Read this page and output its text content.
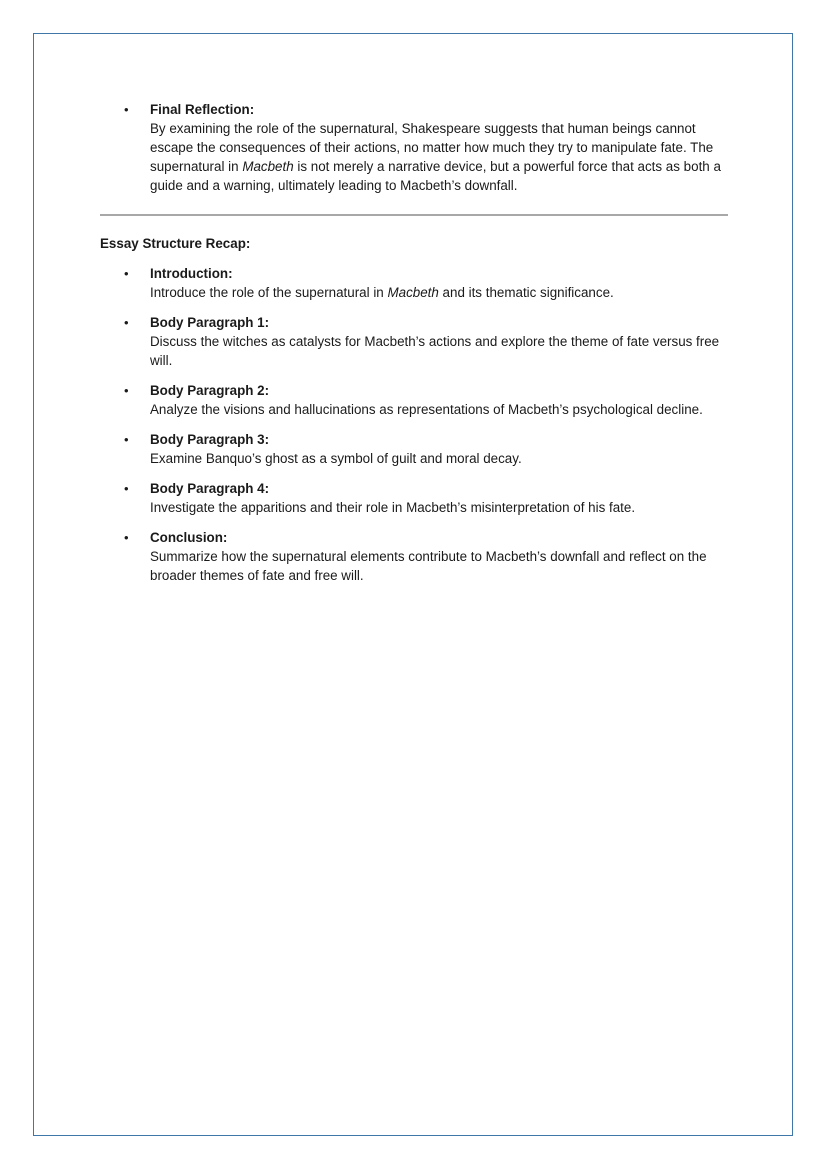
• Final Reflection:
By examining the role of the supernatural, Shakespeare suggests that human beings cannot escape the consequences of their actions, no matter how much they try to manipulate fate. The supernatural in Macbeth is not merely a narrative device, but a powerful force that acts as both a guide and a warning, ultimately leading to Macbeth’s downfall.
Essay Structure Recap:
• Introduction:
Introduce the role of the supernatural in Macbeth and its thematic significance.
• Body Paragraph 1:
Discuss the witches as catalysts for Macbeth’s actions and explore the theme of fate versus free will.
• Body Paragraph 2:
Analyze the visions and hallucinations as representations of Macbeth’s psychological decline.
• Body Paragraph 3:
Examine Banquo’s ghost as a symbol of guilt and moral decay.
• Body Paragraph 4:
Investigate the apparitions and their role in Macbeth’s misinterpretation of his fate.
• Conclusion:
Summarize how the supernatural elements contribute to Macbeth’s downfall and reflect on the broader themes of fate and free will.
